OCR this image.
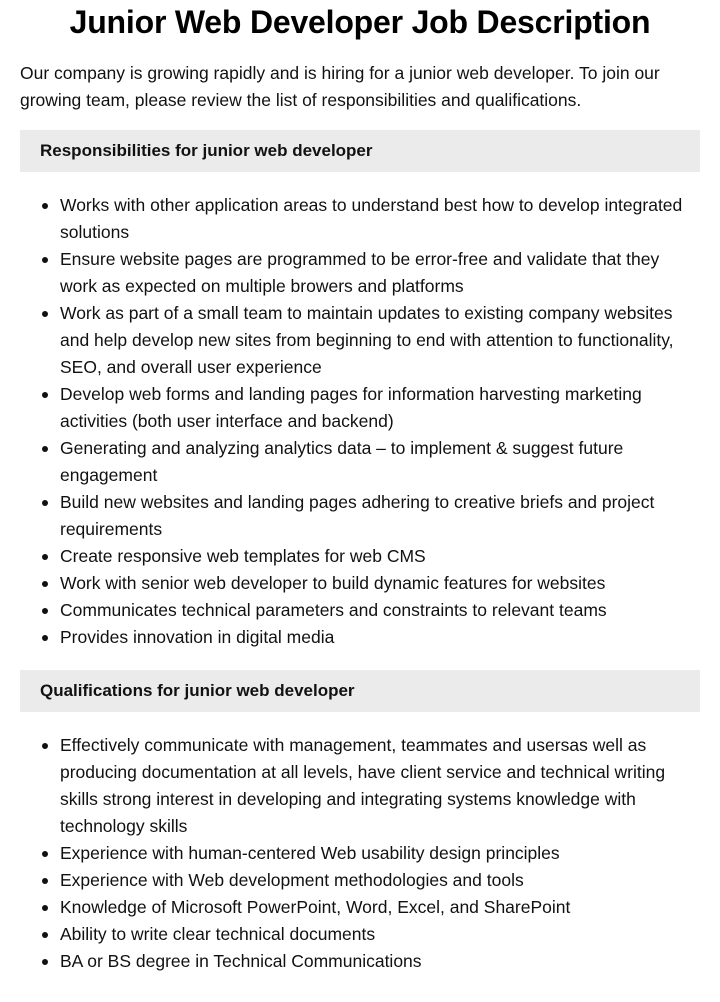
Junior Web Developer Job Description

Our company is growing rapidly and is hiring for a junior web developer. To join our growing team, please review the list of responsibilities and qualifications.

Responsibilities for junior web developer
Works with other application areas to understand best how to develop integrated solutions
Ensure website pages are programmed to be error-free and validate that they work as expected on multiple browers and platforms
Work as part of a small team to maintain updates to existing company websites and help develop new sites from beginning to end with attention to functionality, SEO, and overall user experience
Develop web forms and landing pages for information harvesting marketing activities (both user interface and backend)
Generating and analyzing analytics data – to implement & suggest future engagement
Build new websites and landing pages adhering to creative briefs and project requirements
Create responsive web templates for web CMS
Work with senior web developer to build dynamic features for websites
Communicates technical parameters and constraints to relevant teams
Provides innovation in digital media
Qualifications for junior web developer
Effectively communicate with management, teammates and usersas well as producing documentation at all levels, have client service and technical writing skills strong interest in developing and integrating systems knowledge with technology skills
Experience with human-centered Web usability design principles
Experience with Web development methodologies and tools
Knowledge of Microsoft PowerPoint, Word, Excel, and SharePoint
Ability to write clear technical documents
BA or BS degree in Technical Communications
